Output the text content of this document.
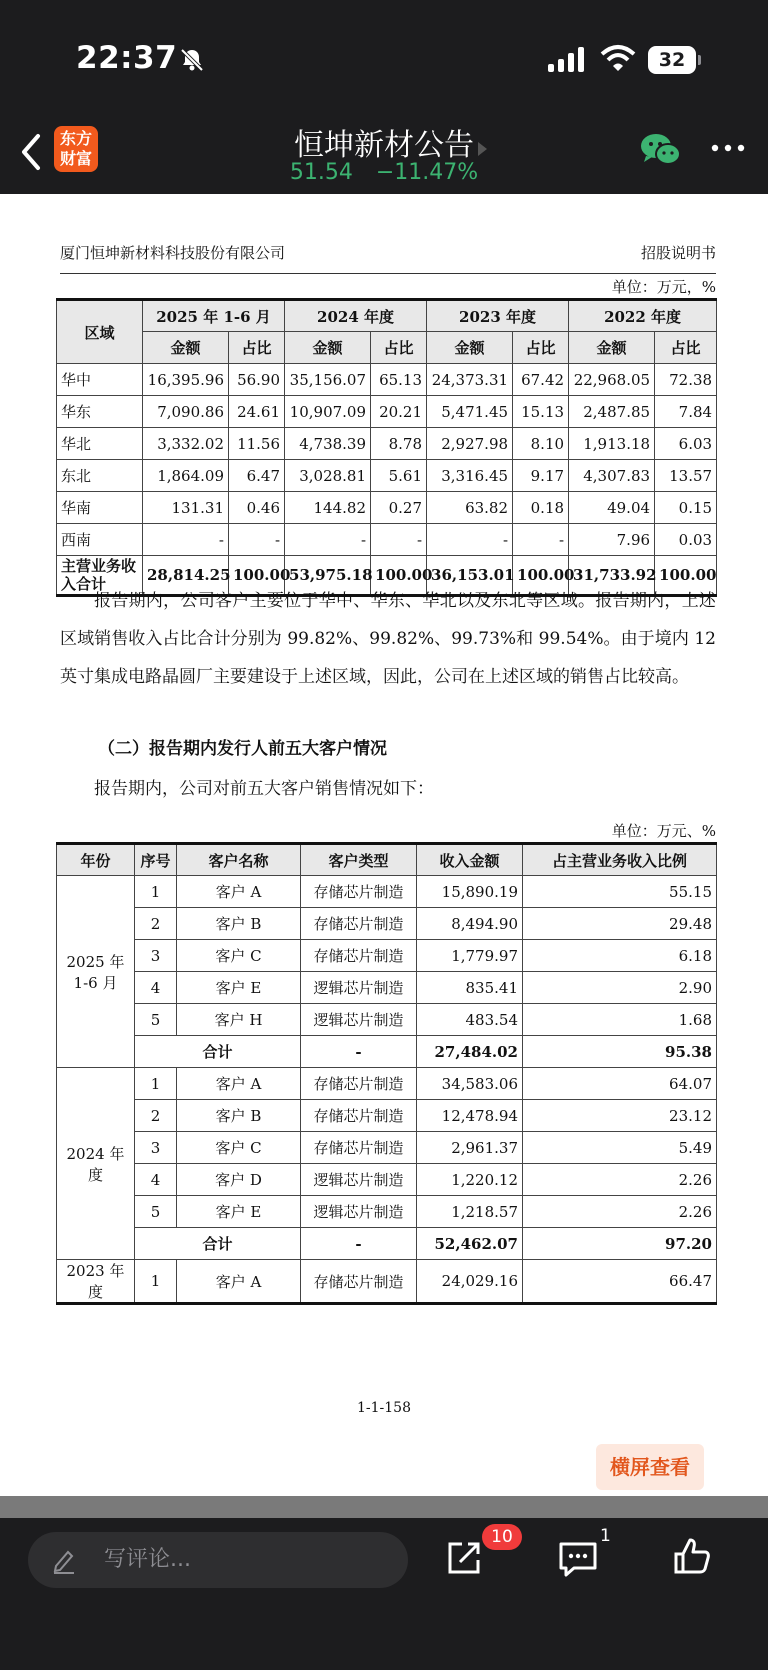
22:37	32
东方
财富	恒坤新材公告
51.54 −11.47%
厦门恒坤新材料科技股份有限公司	招股说明书
单位：万元，%
区域	2025 年 1-6 月		2024 年度		2023 年度		2022 年度	
	金额	占比	金额	占比	金额	占比	金额	占比
华中	16,395.96	56.90	35,156.07	65.13	24,373.31	67.42	22,968.05	72.38
华东	7,090.86	24.61	10,907.09	20.21	5,471.45	15.13	2,487.85	7.84
华北	3,332.02	11.56	4,738.39	8.78	2,927.98	8.10	1,913.18	6.03
东北	1,864.09	6.47	3,028.81	5.61	3,316.45	9.17	4,307.83	13.57
华南	131.31	0.46	144.82	0.27	63.82	0.18	49.04	0.15
西南	-	-	-	-	-	-	7.96	0.03

主营业务收
入合计	28,814.25	100.00	53,975.18	100.00	36,153.01	100.00	31,733.92	100.00
报告期内，公司客户主要位于华中、华东、华北以及东北等区域。报告期内，上述区域销售收入占比合计分别为 99.82%、99.82%、99.73%和 99.54%。由于境内 12 英寸集成电路晶圆厂主要建设于上述区域，因此，公司在上述区域的销售占比较高。
（二）报告期内发行人前五大客户情况
报告期内，公司对前五大客户销售情况如下：
单位：万元、%
年份	序号	客户名称	客户类型	收入金额	占主营业务收入比例

2025 年
1-6 月	1	客户 A	存储芯片制造	15,890.19	55.15
	2	客户 B	存储芯片制造	8,494.90	29.48
	3	客户 C	存储芯片制造	1,779.97	6.18
	4	客户 E	逻辑芯片制造	835.41	2.90
	5	客户 H	逻辑芯片制造	483.54	1.68
	合计		-	27,484.02	95.38
2024 年度	1	客户 A	存储芯片制造	34,583.06	64.07
	2	客户 B	存储芯片制造	12,478.94	23.12
	3	客户 C	存储芯片制造	2,961.37	5.49
	4	客户 D	逻辑芯片制造	1,220.12	2.26
	5	客户 E	逻辑芯片制造	1,218.57	2.26
	合计		-	52,462.07	97.20
2023 年度	1	客户 A	存储芯片制造	24,029.16	66.47
1-1-158
横屏查看
写评论...
10	1
